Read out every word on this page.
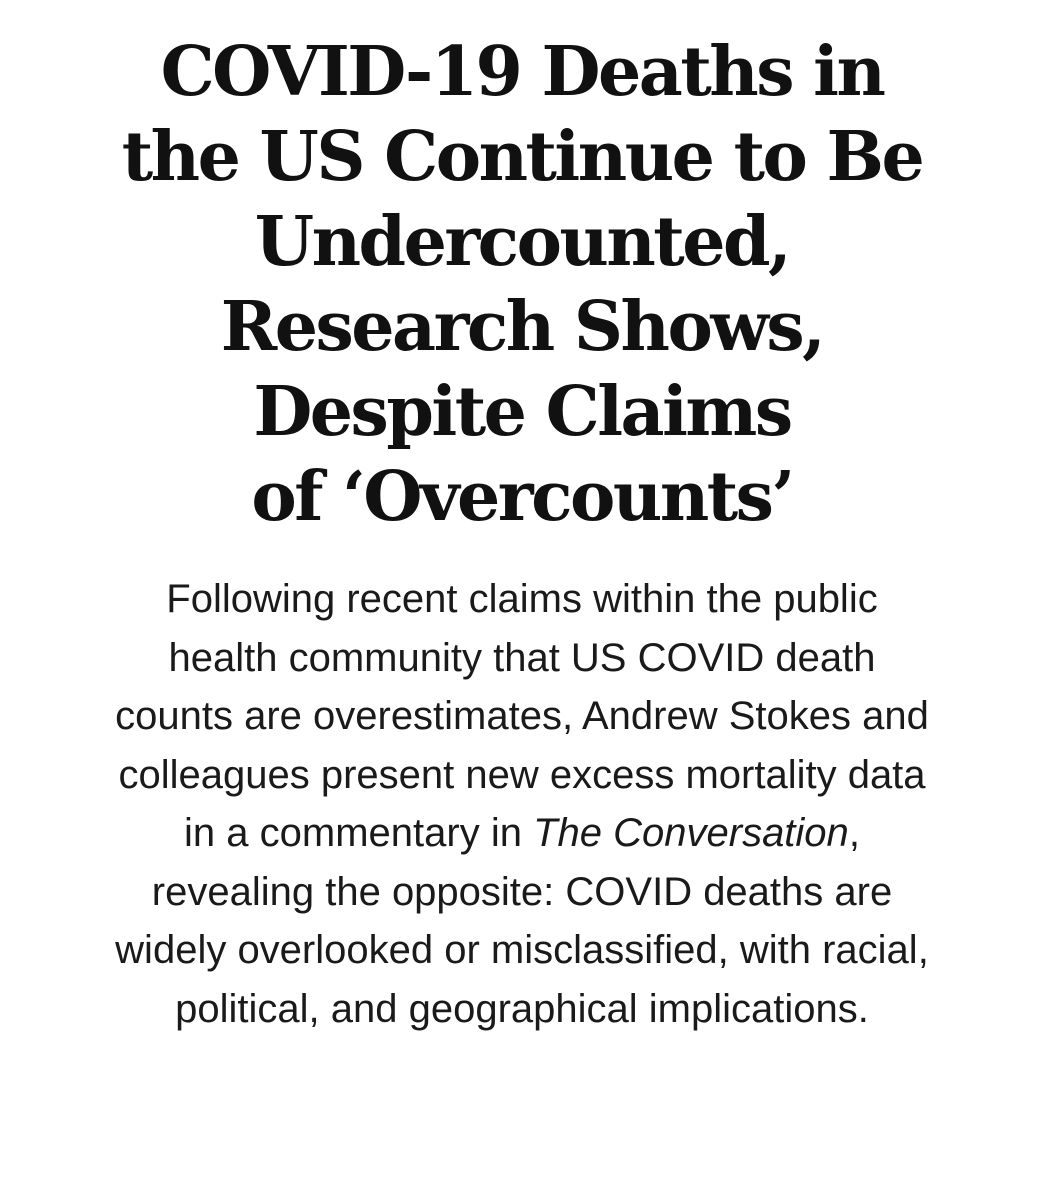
COVID-19 Deaths in
the US Continue to Be
Undercounted,
Research Shows,
Despite Claims
of ‘Overcounts’

Following recent claims within the public
health community that US COVID death
counts are overestimates, Andrew Stokes and
colleagues present new excess mortality data
in a commentary in The Conversation,
revealing the opposite: COVID deaths are
widely overlooked or misclassified, with racial,
political, and geographical implications.
